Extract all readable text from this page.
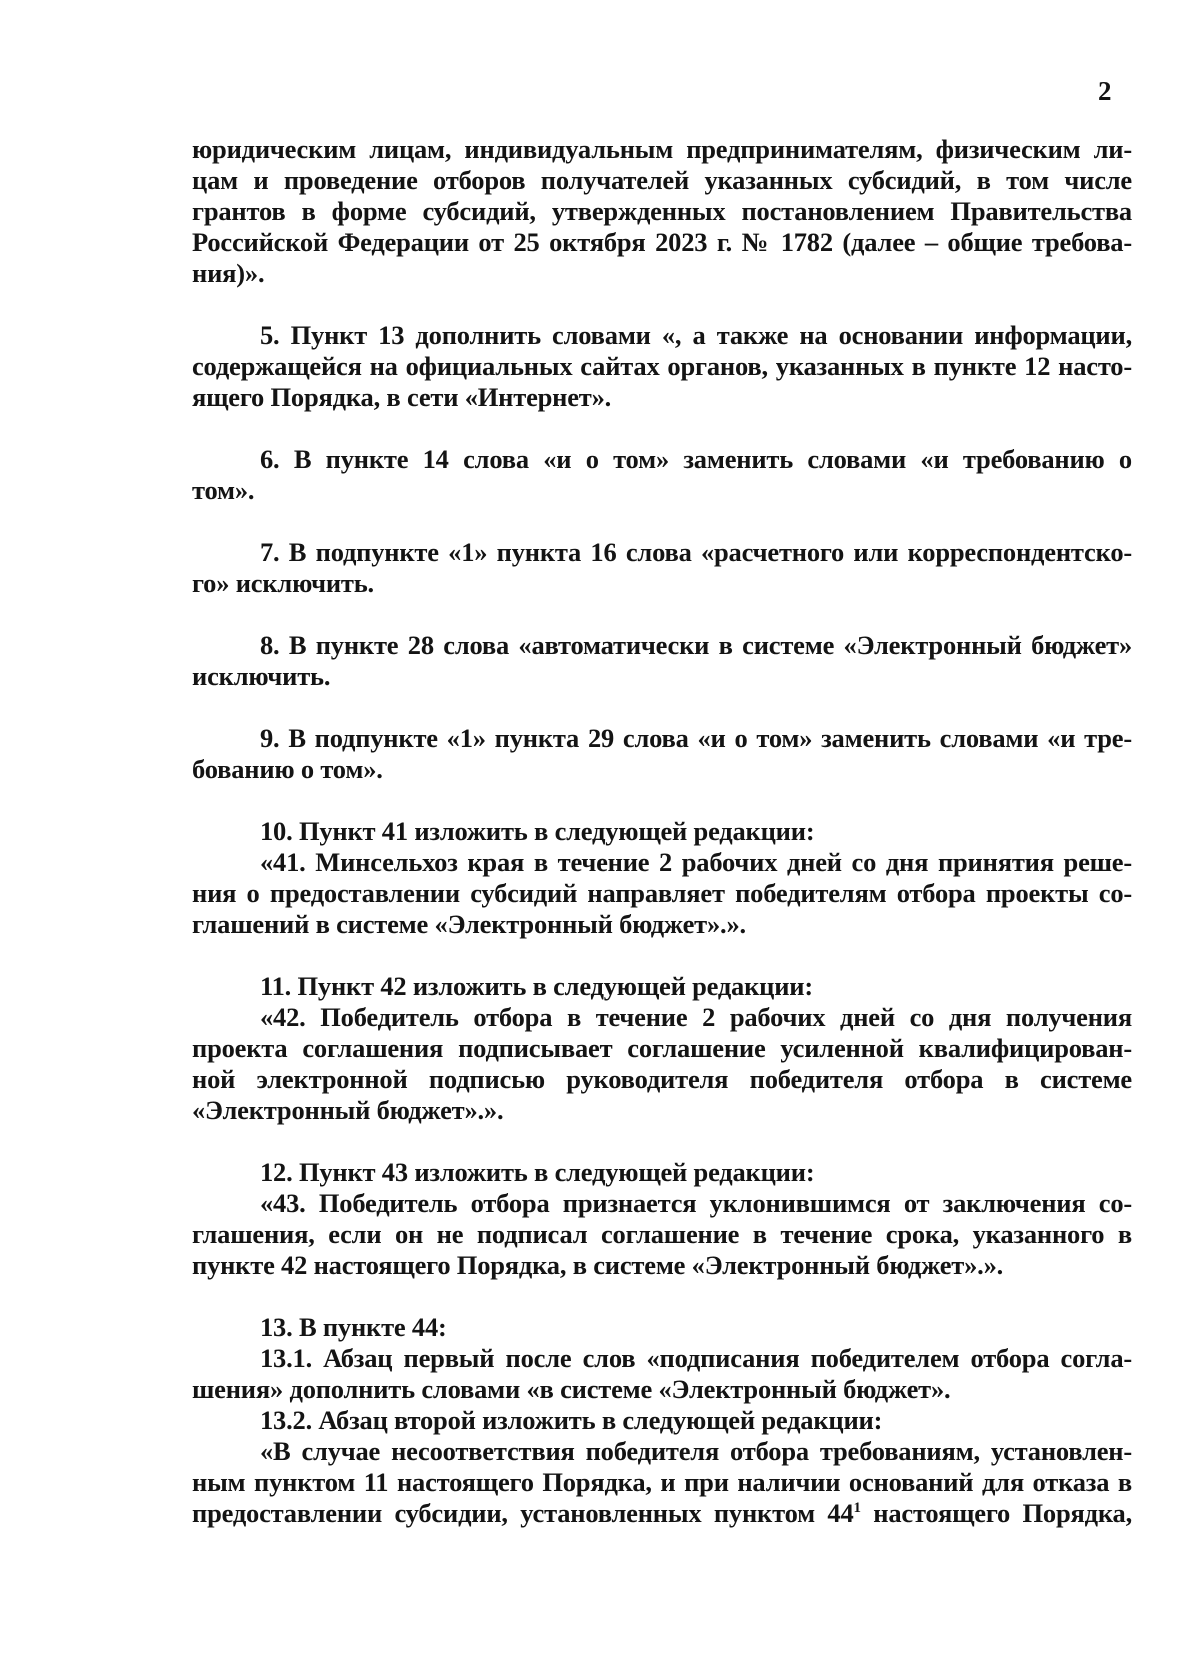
2
юридическим лицам, индивидуальным предпринимателям, физическим ли-
цам и проведение отборов получателей указанных субсидий, в том числе
грантов в форме субсидий, утвержденных постановлением Правительства
Российской Федерации от 25 октября 2023 г. № 1782 (далее – общие требова-
ния)».
5. Пункт 13 дополнить словами «, а также на основании информации,
содержащейся на официальных сайтах органов, указанных в пункте 12 насто-
ящего Порядка, в сети «Интернет».
6. В пункте 14 слова «и о том» заменить словами «и требованию о
том».
7. В подпункте «1» пункта 16 слова «расчетного или корреспондентско-
го» исключить.
8. В пункте 28 слова «автоматически в системе «Электронный бюджет»
исключить.
9. В подпункте «1» пункта 29 слова «и о том» заменить словами «и тре-
бованию о том».
10. Пункт 41 изложить в следующей редакции:
«41. Минсельхоз края в течение 2 рабочих дней со дня принятия реше-
ния о предоставлении субсидий направляет победителям отбора проекты со-
глашений в системе «Электронный бюджет».».
11. Пункт 42 изложить в следующей редакции:
«42. Победитель отбора в течение 2 рабочих дней со дня получения
проекта соглашения подписывает соглашение усиленной квалифицирован-
ной электронной подписью руководителя победителя отбора в системе
«Электронный бюджет».».
12. Пункт 43 изложить в следующей редакции:
«43. Победитель отбора признается уклонившимся от заключения со-
глашения, если он не подписал соглашение в течение срока, указанного в
пункте 42 настоящего Порядка, в системе «Электронный бюджет».».
13. В пункте 44:
13.1. Абзац первый после слов «подписания победителем отбора согла-
шения» дополнить словами «в системе «Электронный бюджет».
13.2. Абзац второй изложить в следующей редакции:
«В случае несоответствия победителя отбора требованиям, установлен-
ным пунктом 11 настоящего Порядка, и при наличии оснований для отказа в
предоставлении субсидии, установленных пунктом $44^1$ настоящего Порядка,
